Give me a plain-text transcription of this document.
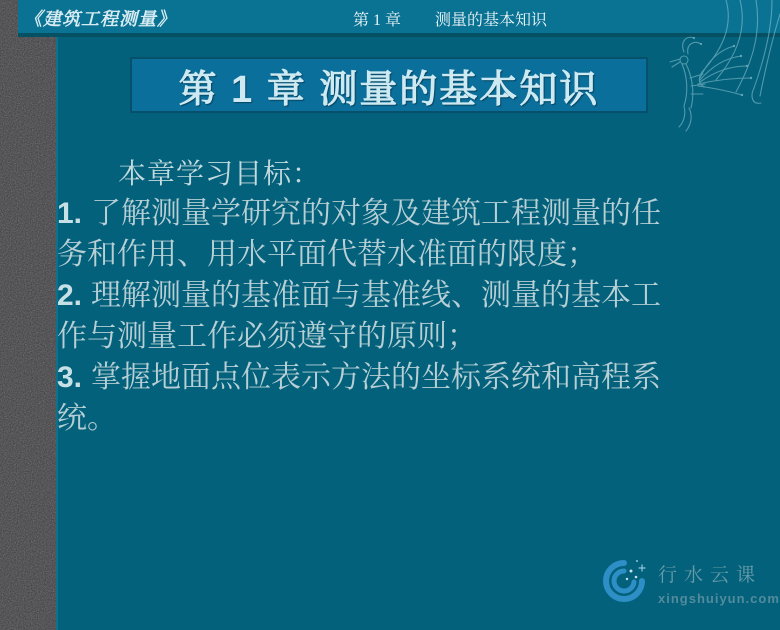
《建筑工程测量》	第 1 章 测量的基本知识
第 1 章 测量的基本知识
本章学习目标：
1. 了解测量学研究的对象及建筑工程测量的任
务和作用、用水平面代替水准面的限度；
2. 理解测量的基准面与基准线、测量的基本工
作与测量工作必须遵守的原则；
3. 掌握地面点位表示方法的坐标系统和高程系
统。
行水云课
xingshuiyun.com
